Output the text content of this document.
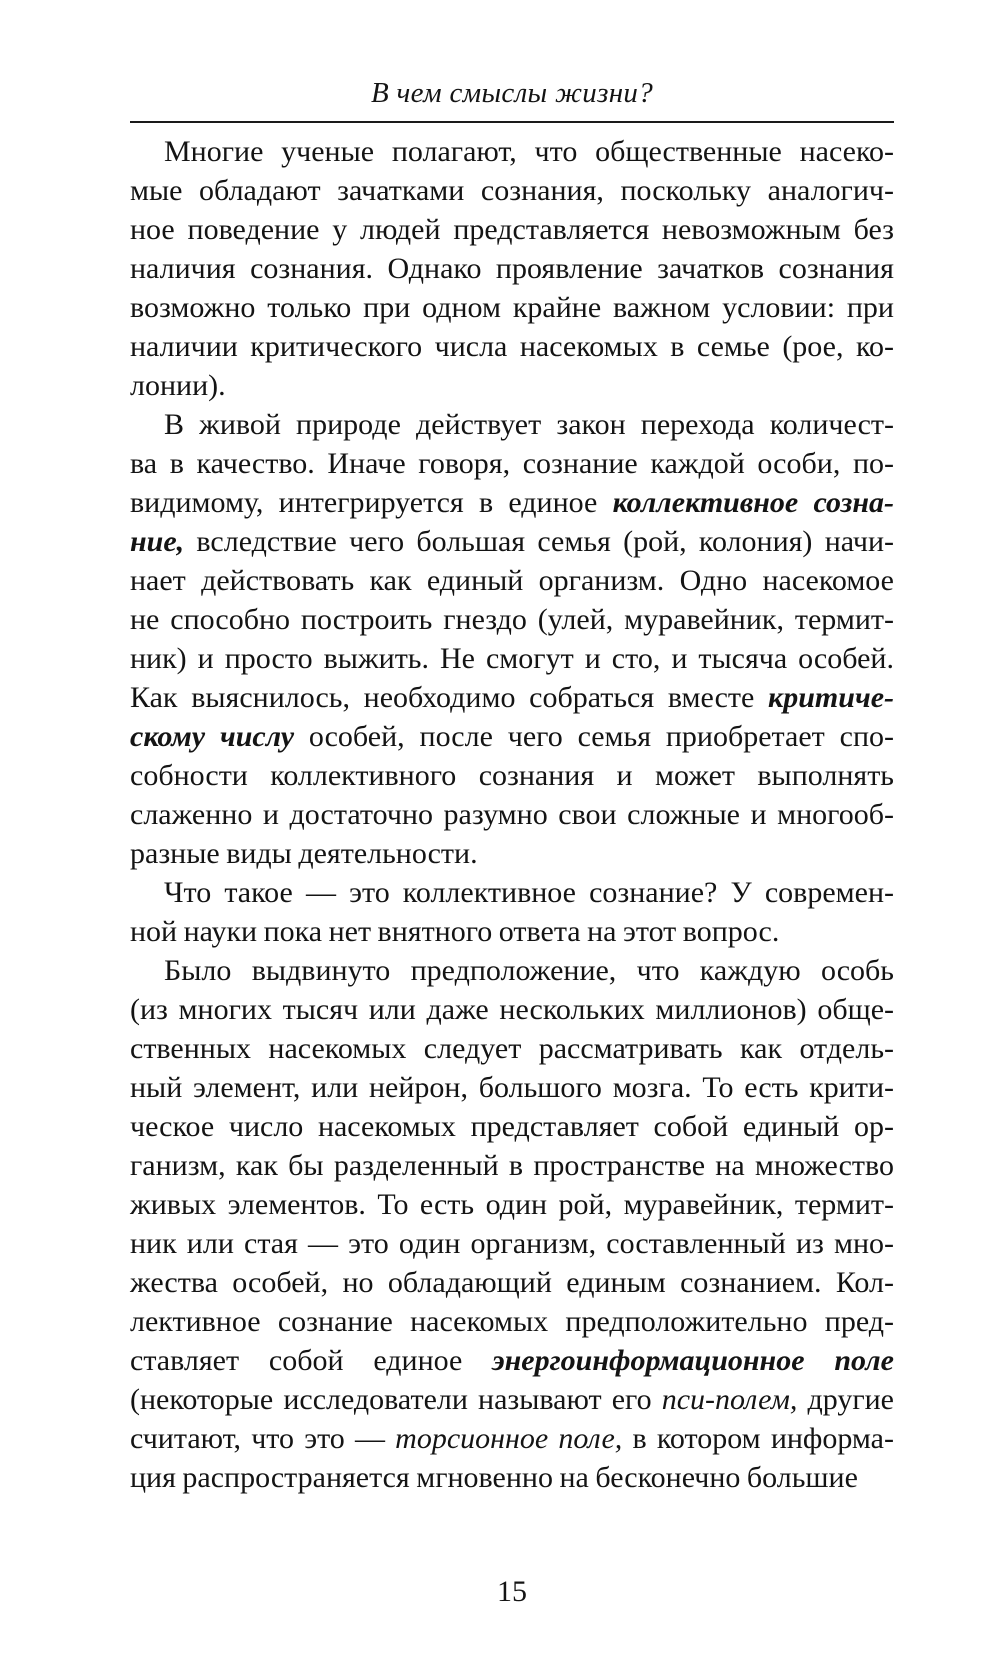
В чем смыслы жизни?
Многие ученые полагают, что общественные насеко-
мые обладают зачатками сознания, поскольку аналогич-
ное поведение у людей представляется невозможным без
наличия сознания. Однако проявление зачатков сознания
возможно только при одном крайне важном условии: при
наличии критического числа насекомых в семье (рое, ко-
лонии).
В живой природе действует закон перехода количест-
ва в качество. Иначе говоря, сознание каждой особи, по-
видимому, интегрируется в единое коллективное созна-
ние, вследствие чего большая семья (рой, колония) начи-
нает действовать как единый организм. Одно насекомое
не способно построить гнездо (улей, муравейник, термит-
ник) и просто выжить. Не смогут и сто, и тысяча особей.
Как выяснилось, необходимо собраться вместе критиче-
скому числу особей, после чего семья приобретает спо-
собности коллективного сознания и может выполнять
слаженно и достаточно разумно свои сложные и многооб-
разные виды деятельности.
Что такое — это коллективное сознание? У современ-
ной науки пока нет внятного ответа на этот вопрос.
Было выдвинуто предположение, что каждую особь
(из многих тысяч или даже нескольких миллионов) обще-
ственных насекомых следует рассматривать как отдель-
ный элемент, или нейрон, большого мозга. То есть крити-
ческое число насекомых представляет собой единый ор-
ганизм, как бы разделенный в пространстве на множество
живых элементов. То есть один рой, муравейник, термит-
ник или стая — это один организм, составленный из мно-
жества особей, но обладающий единым сознанием. Кол-
лективное сознание насекомых предположительно пред-
ставляет собой единое энергоинформационное поле
(некоторые исследователи называют его пси-полем, другие
считают, что это — торсионное поле, в котором информа-
ция распространяется мгновенно на бесконечно большие
15
